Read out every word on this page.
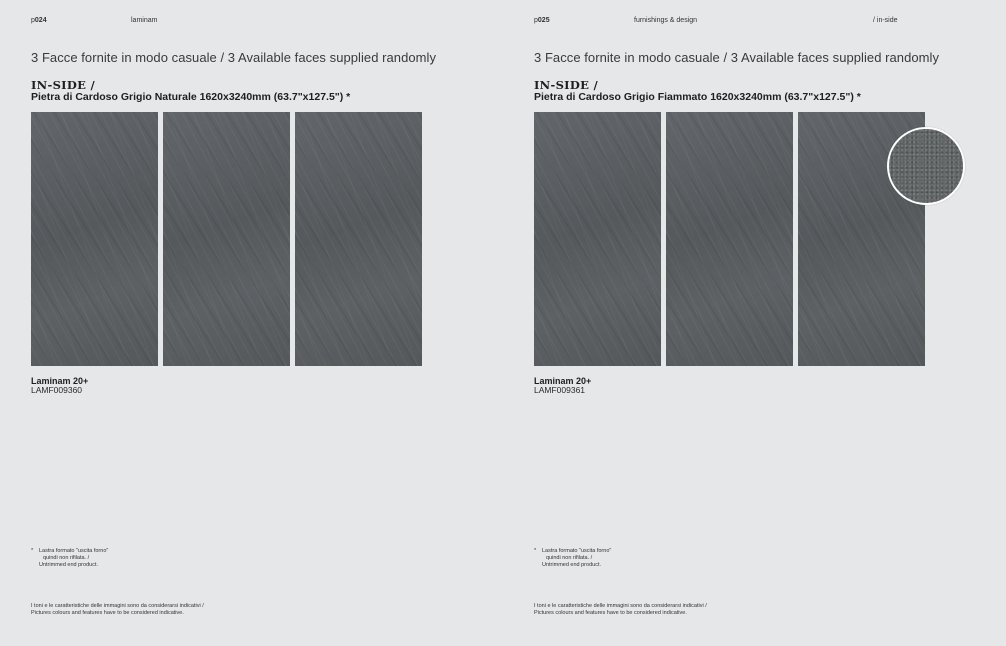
p024	laminam
3 Facce fornite in modo casuale / 3 Available faces supplied randomly
IN-SIDE /
Pietra di Cardoso Grigio Naturale 1620x3240mm (63.7"x127.5") *
Laminam 20+
LAMF009360
* Lastra formato "uscita forno"
quindi non rifilata. /
Untrimmed end product.
I toni e le caratteristiche delle immagini sono da considerarsi indicativi /
Pictures colours and features have to be considered indicative.
p025	furnishings & design	/ in-side
3 Facce fornite in modo casuale / 3 Available faces supplied randomly
IN-SIDE /
Pietra di Cardoso Grigio Fiammato 1620x3240mm (63.7"x127.5") *
Laminam 20+
LAMF009361
* Lastra formato "uscita forno"
quindi non rifilata. /
Untrimmed end product.
I toni e le caratteristiche delle immagini sono da considerarsi indicativi /
Pictures colours and features have to be considered indicative.
